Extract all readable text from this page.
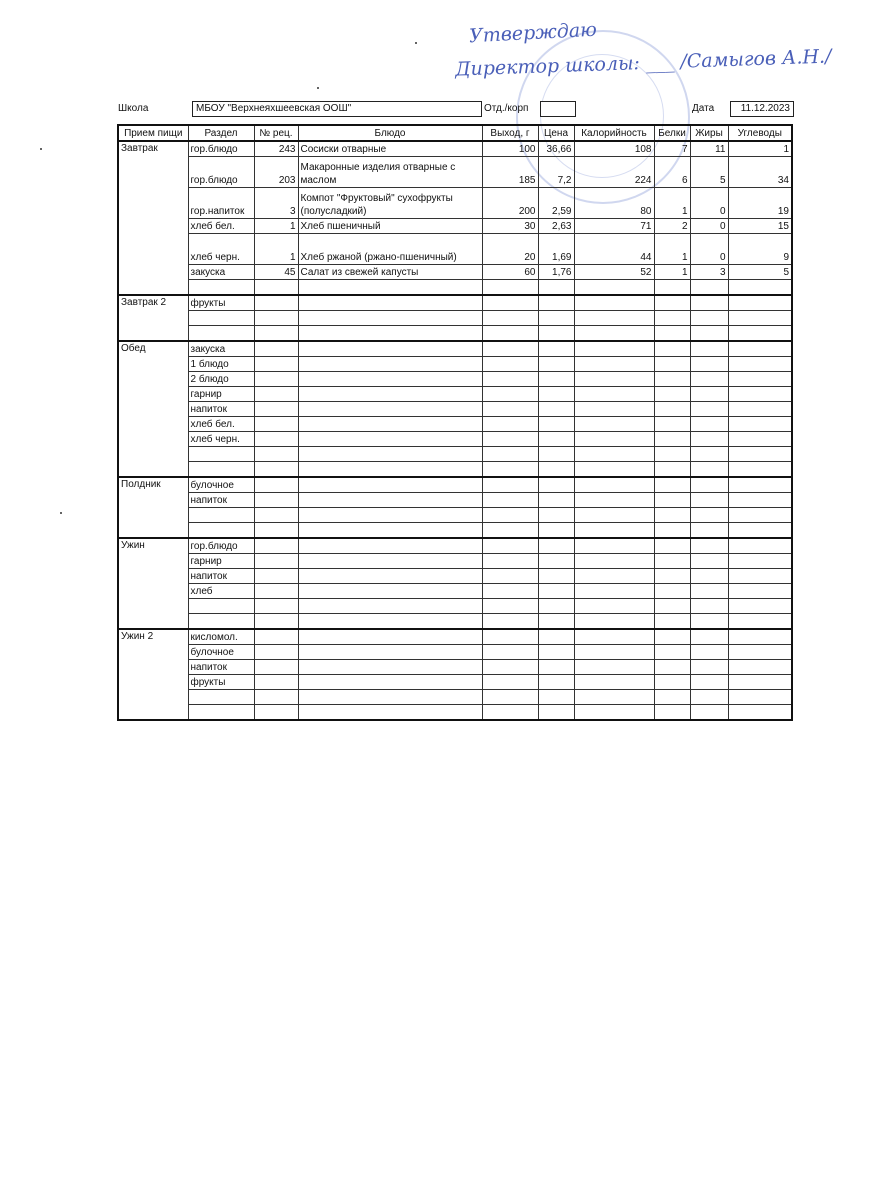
Утверждаю
Директор школы: ___ /Самыгов А.Н./
Школа	МБОУ "Верхнеяхшеевская ООШ"	Отд./корп	Дата	11.12.2023
Прием пищи	Раздел	№ рец.	Блюдо	Выход, г	Цена	Калорийность	Белки	Жиры	Углеводы
Завтрак	гор.блюдо	243	Сосиски отварные	100	36,66	108	7	11	1
	гор.блюдо	203	Макаронные изделия отварные с маслом	185	7,2	224	6	5	34
	гор.напиток	3	Компот "Фруктовый" сухофрукты (полусладкий)	200	2,59	80	1	0	19
	хлеб бел.	1	Хлеб пшеничный	30	2,63	71	2	0	15
	хлеб черн.	1	Хлеб ржаной (ржано-пшеничный)	20	1,69	44	1	0	9
	закуска	45	Салат из свежей капусты	60	1,76	52	1	3	5

Завтрак 2	фрукты								

Обед	закуска								
	1 блюдо								
	2 блюдо								
	гарнир								
	напиток								
	хлеб бел.								
	хлеб черн.								

Полдник	булочное								
	напиток								

Ужин	гор.блюдо								
	гарнир								
	напиток								
	хлеб								

Ужин 2	кисломол.								
	булочное								
	напиток								
	фрукты								
